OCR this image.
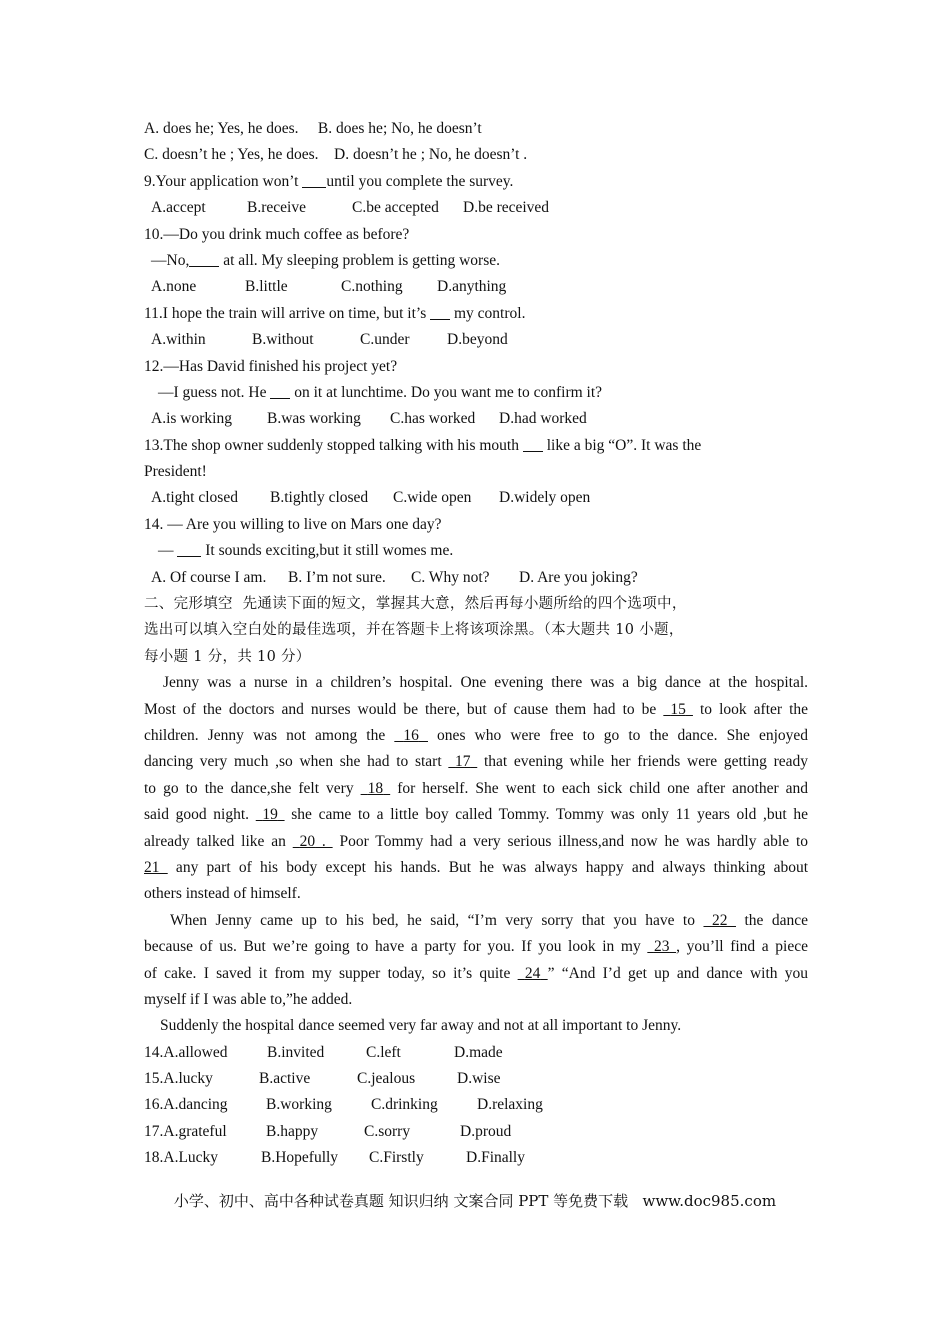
A. does he; Yes, he does.     B. does he; No, he doesn’t

C. doesn’t he ; Yes, he does.    D. doesn’t he ; No, he doesn’t .

9.Your application won’t until you complete the survey.

A.accept	B.receive	C.be accepted D.be received

10.—Do you drink much coffee as before?

—No, at all. My sleeping problem is getting worse.

A.none	B.little	C.nothing D.anything

11.I hope the train will arrive on time, but it’s  my control.

A.within	B.without	C.under D.beyond

12.—Has David finished his project yet?

—I guess not. He  on it at lunchtime. Do you want me to confirm it?

A.is working B.was working C.has worked D.had worked

13.The shop owner suddenly stopped talking with his mouth  like a big “O”. It was the

President!

A.tight closed B.tightly closed C.wide open D.widely open

14. — Are you willing to live on Mars one day?

—  It sounds exciting,but it still womes me.

A. Of course I am. B. I’m not sure. C. Why not? D. Are you joking?

二、完形填空  先通读下面的短文，掌握其大意，然后再每小题所给的四个选项中，

选出可以填入空白处的最佳选项，并在答题卡上将该项涂黑。（本大题共 10 小题，

每小题 1 分，共 10 分）

Jenny was a nurse in a children’s hospital. One evening there was a big dance at the hospital.

Most of the doctors and nurses would be there, but of cause them had to be  15  to look after the

children. Jenny was not among the  16  ones who were free to go to the dance. She enjoyed

dancing very much ,so when she had to start  17  that evening while her friends were getting ready

to go to the dance,she felt very  18  for herself. She went to each sick child one after another and

said good night.  19  she came to a little boy called Tommy. Tommy was only 11 years old ,but he

already talked like an  20 .  Poor Tommy had a very serious illness,and now he was hardly able to

21  any part of his body except his hands. But he was always happy and always thinking about

others instead of himself.

When Jenny came up to his bed, he said, “I’m very sorry that you have to  22  the dance

because of us. But we’re going to have a party for you. If you look in my  23 , you’ll find a piece

of cake. I saved it from my supper today, so it’s quite  24 ” “And I’d get up and dance with you

myself if I was able to,”he added.

Suddenly the hospital dance seemed very far away and not at all important to Jenny.

14.A.allowed	B.invited	C.left	D.made

15.A.lucky	B.active	C.jealous	D.wise

16.A.dancing B.working	C.drinking	D.relaxing

17.A.grateful	B.happy	C.sorry	D.proud

18.A.Lucky	B.Hopefully C.Firstly	D.Finally

小学、初中、高中各种试卷真题 知识归纳 文案合同 PPT 等免费下载   www.doc985.com
